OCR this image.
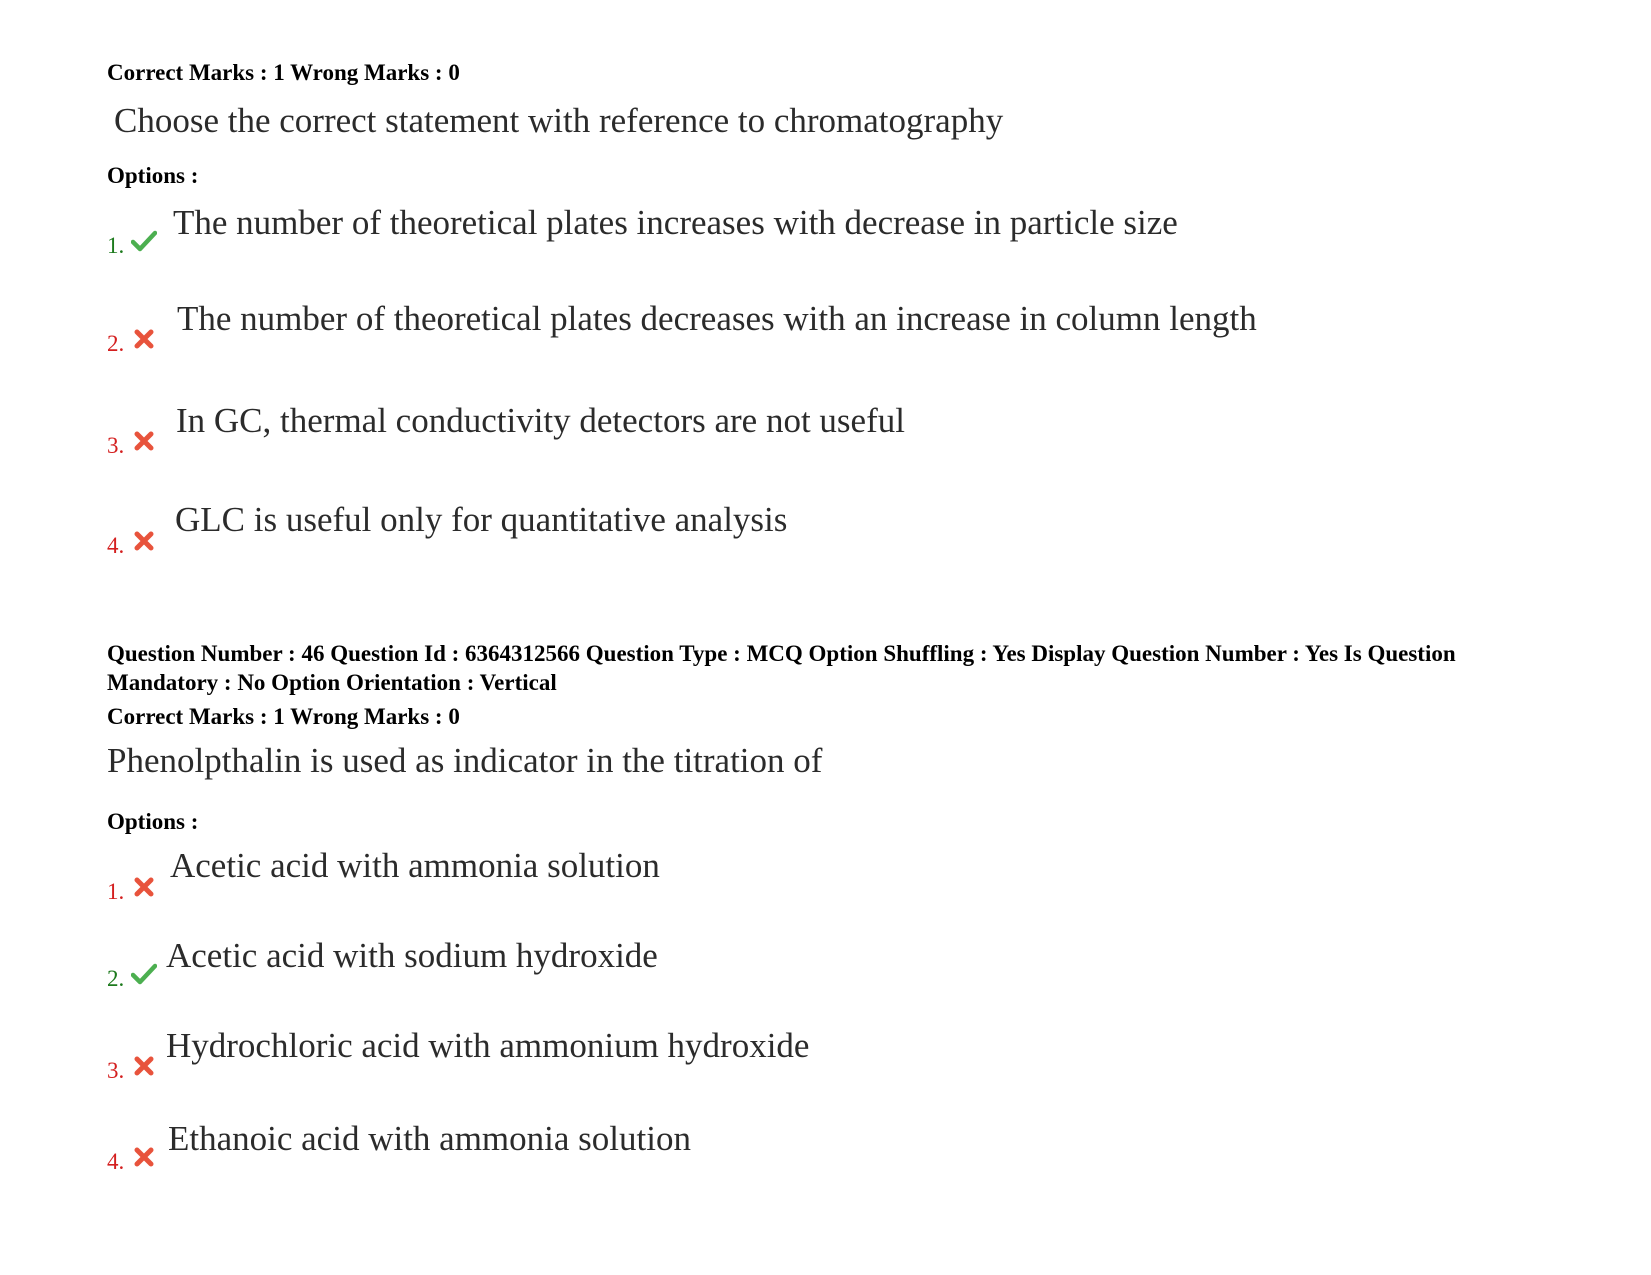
Correct Marks : 1 Wrong Marks : 0
Choose the correct statement with reference to chromatography
Options :
1.
The number of theoretical plates increases with decrease in particle size
2.
The number of theoretical plates decreases with an increase in column length
3.
In GC, thermal conductivity detectors are not useful
4.
GLC is useful only for quantitative analysis
Question Number : 46 Question Id : 6364312566 Question Type : MCQ Option Shuffling : Yes Display Question Number : Yes Is Question Mandatory : No Option Orientation : Vertical
Correct Marks : 1 Wrong Marks : 0
Phenolpthalin is used as indicator in the titration of
Options :
1.
Acetic acid with ammonia solution
2.
Acetic acid with sodium hydroxide
3.
Hydrochloric acid with ammonium hydroxide
4.
Ethanoic acid with ammonia solution
